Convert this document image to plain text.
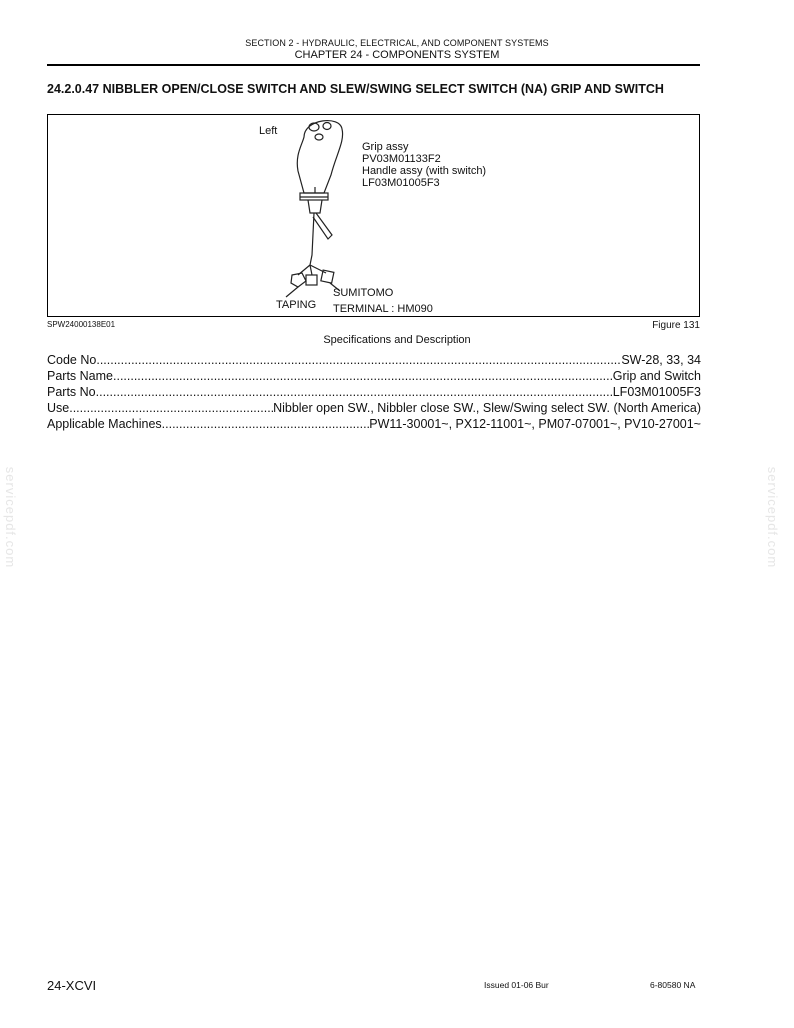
SECTION 2 - HYDRAULIC, ELECTRICAL, AND COMPONENT SYSTEMS
CHAPTER 24 - COMPONENTS SYSTEM
24.2.0.47 NIBBLER OPEN/CLOSE SWITCH AND SLEW/SWING SELECT SWITCH (NA) GRIP AND SWITCH
Left
Grip assy
PV03M01133F2
Handle assy (with switch)
LF03M01005F3
SUMITOMO
TAPING TERMINAL : HM090
SPW24000138E01	Figure 131
Specifications and Description
Code No. .....	SW-28, 33, 34
Parts Name .....	Grip and Switch
Parts No. .....	LF03M01005F3
Use .....	Nibbler open SW., Nibbler close SW., Slew/Swing select SW. (North America)
Applicable Machines .....	PW11-30001~, PX12-11001~, PM07-07001~, PV10-27001~
servicepdf.com	servicepdf.com
24-XCVI	Issued 01-06 Bur	6-80580 NA
